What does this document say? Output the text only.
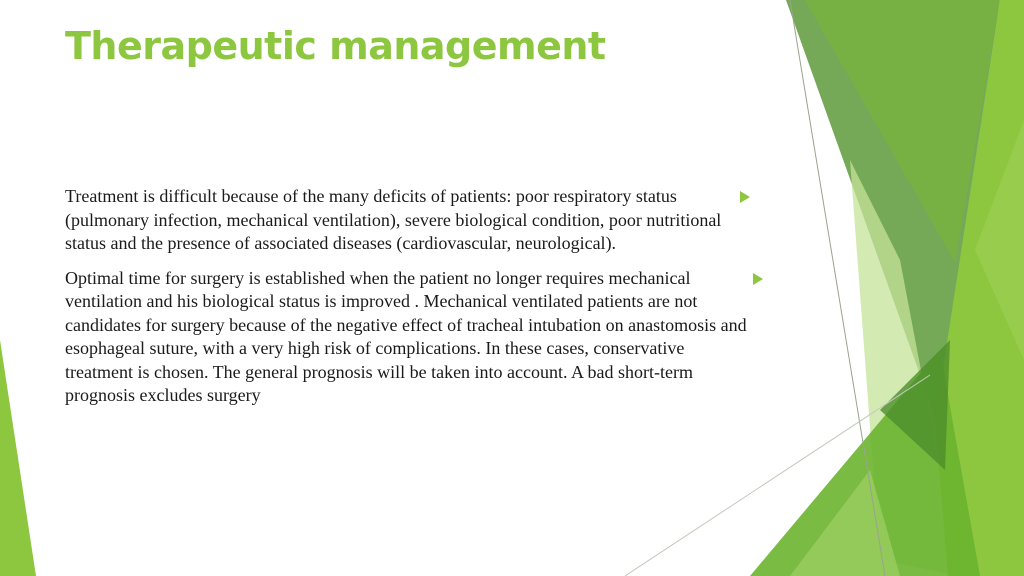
Therapeutic management
Treatment is difficult because of the many deficits of patients: poor respiratory status (pulmonary infection, mechanical ventilation), severe biological condition, poor nutritional status and the presence of associated diseases (cardiovascular, neurological).
Optimal time for surgery is established when the patient no longer requires mechanical ventilation and his biological status is improved . Mechanical ventilated patients are not candidates for surgery because of the negative effect of tracheal intubation on anastomosis and esophageal suture, with a very high risk of complications. In these cases, conservative treatment is chosen. The general prognosis will be taken into account. A bad short-term prognosis excludes surgery
